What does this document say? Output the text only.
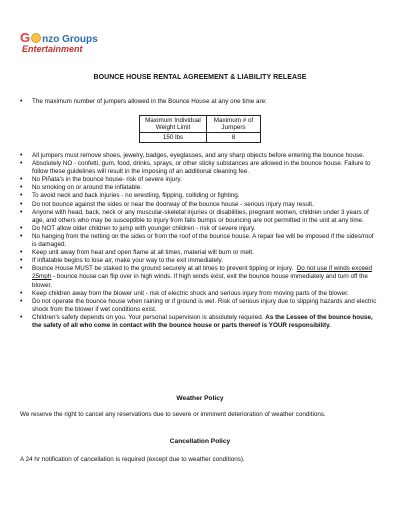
G nzo Groups
Entertainment
BOUNCE HOUSE RENTAL AGREEMENT & LIABILITY RELEASE
• The maximum number of jumpers allowed in the Bounce House at any one time are:
Maximum Individual Weight Limit	Maximum # of Jumpers
150 lbs	8
• All jumpers must remove shoes, jewelry, badges, eyeglasses, and any sharp objects before entering the bounce house.
• Absolutely NO - confetti, gum, food, drinks, sprays, or other sticky substances are allowed in the bounce house. Failure to follow these guidelines will result in the imposing of an additional cleaning fee.
• No Piñata's in the bounce house- risk of severe injury.
• No smoking on or around the inflatable.
• To avoid neck and back injuries - no wrestling, flipping, colliding or fighting.
• Do not bounce against the sides or near the doorway of the bounce house - serious injury may result.
• Anyone with head, back, neck or any muscular-skeletal injuries or disabilities, pregnant women, children under 3 years of age, and others who may be susceptible to injury from falls bumps or bouncing are not permitted in the unit at any time.
• Do NOT allow older children to jump with younger children - risk of severe injury.
• No hanging from the netting on the sides or from the roof of the bounce house. A repair fee will be imposed if the sides/roof is damaged.
• Keep unit away from heat and open flame at all times, material will burn or melt.
• If inflatable begins to lose air, make your way to the exit immediately.
• Bounce House MUST be staked to the ground securely at all times to prevent tipping or injury. Do not use if winds exceed 25mph - bounce house can flip over in high winds. If high winds exist, exit the bounce house immediately and turn off the blower.
• Keep children away from the blower unit - risk of electric shock and serious injury from moving parts of the blower.
• Do not operate the bounce house when raining or if ground is wet. Risk of serious injury due to slipping hazards and electric shock from the blower if wet conditions exist.
• Children's safety depends on you. Your personal supervision is absolutely required. As the Lessee of the bounce house, the safety of all who come in contact with the bounce house or parts thereof is YOUR responsibility.
Weather Policy
We reserve the right to cancel any reservations due to severe or imminent deterioration of weather conditions.
Cancellation Policy
A 24 hr notification of cancellation is required (except due to weather conditions).
